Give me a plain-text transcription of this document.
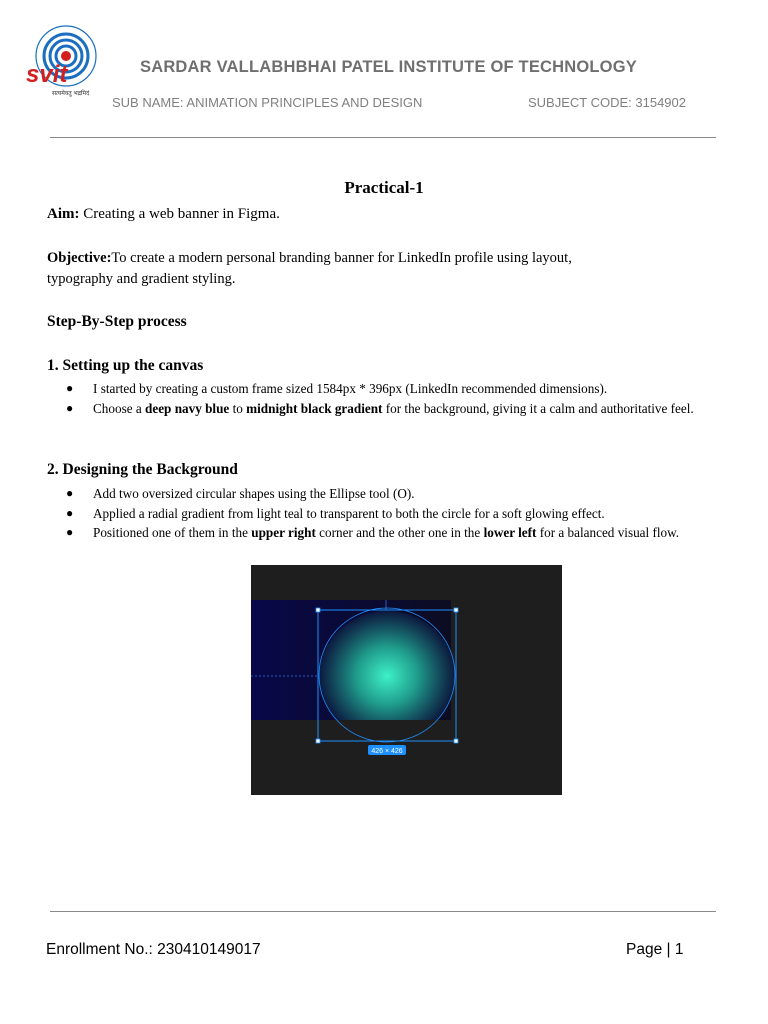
svit
सत्यमेवतु भद्रमिदं
SARDAR VALLABHBHAI PATEL INSTITUTE OF TECHNOLOGY
SUB NAME: ANIMATION PRINCIPLES AND DESIGN	SUBJECT CODE: 3154902
Practical-1
Aim: Creating a web banner in Figma.
Objective:To create a modern personal branding banner for LinkedIn profile using layout,
typography and gradient styling.
Step-By-Step process
1. Setting up the canvas
● I started by creating a custom frame sized 1584px * 396px (LinkedIn recommended dimensions).
● Choose a deep navy blue to midnight black gradient for the background, giving it a calm and authoritative feel.
2. Designing the Background
● Add two oversized circular shapes using the Ellipse tool (O).
● Applied a radial gradient from light teal to transparent to both the circle for a soft glowing effect.
● Positioned one of them in the upper right corner and the other one in the lower left for a balanced visual flow.
426 × 426
Enrollment No.: 230410149017	Page | 1
